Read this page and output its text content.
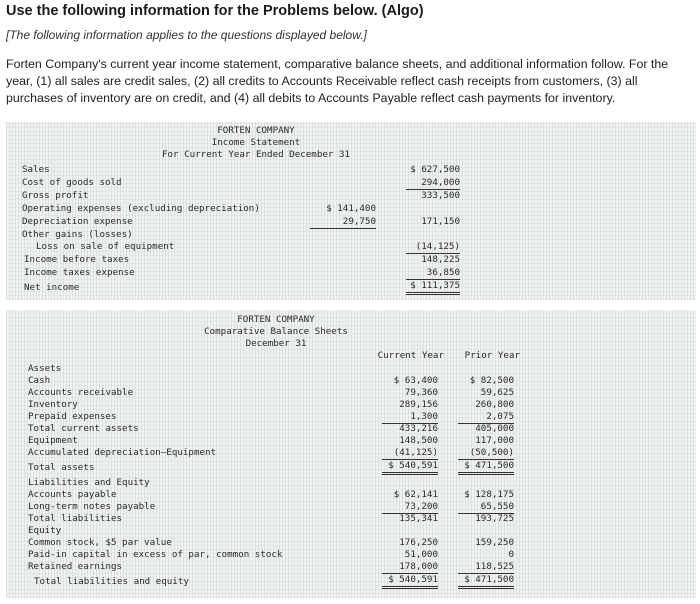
Use the following information for the Problems below. (Algo)
[The following information applies to the questions displayed below.]
Forten Company's current year income statement, comparative balance sheets, and additional information follow. For the year, (1) all sales are credit sales, (2) all credits to Accounts Receivable reflect cash receipts from customers, (3) all purchases of inventory are on credit, and (4) all debits to Accounts Payable reflect cash payments for inventory.
FORTEN COMPANY
Income Statement
For Current Year Ended December 31
Sales	$ 627,500
Cost of goods sold	294,000
Gross profit	333,500
Operating expenses (excluding depreciation)	$ 141,400
Depreciation expense	29,750	171,150
Other gains (losses)
Loss on sale of equipment	(14,125)
Income before taxes	148,225
Income taxes expense	36,850
Net income	$ 111,375
FORTEN COMPANY
Comparative Balance Sheets
December 31
Current Year	Prior Year
Assets
Cash	$ 63,400	$ 82,500
Accounts receivable	79,360	59,625
Inventory	289,156	260,800
Prepaid expenses	1,300	2,075
Total current assets	433,216	405,000
Equipment	148,500	117,000
Accumulated depreciation—Equipment	(41,125)	(50,500)
Total assets	$ 540,591	$ 471,500
Liabilities and Equity
Accounts payable	$ 62,141	$ 128,175
Long-term notes payable	73,200	65,550
Total liabilities	135,341	193,725
Equity
Common stock, $5 par value	176,250	159,250
Paid-in capital in excess of par, common stock	51,000	0
Retained earnings	178,000	118,525
Total liabilities and equity	$ 540,591	$ 471,500
